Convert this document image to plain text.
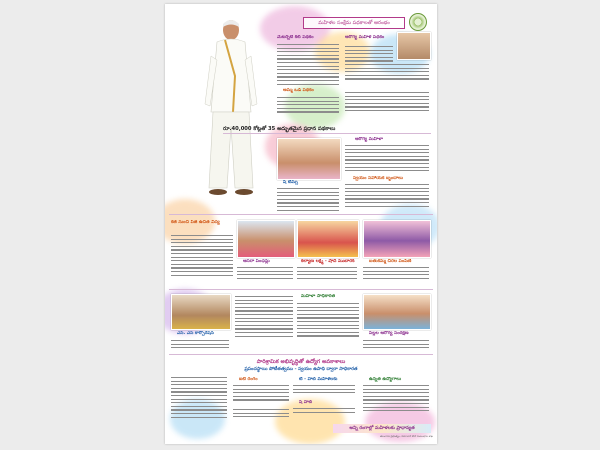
మహిళల సంక్షేమ పథకాలతో ఆరంభం
మెటర్నిటీ కిట్ పథకం	ఆరోగ్య మహిళ పథకం
అమ్మ ఒడి పథకం
రూ.40,000 కోట్లతో 35 అద్భుతమైన ప్రధాన పథకాలు
షీ టీమ్స్
ఆరోగ్య మహిళా
స్వయం సహాయక బృందాలు
కేజీ నుంచి పీజీ ఉచిత విద్య
ఆసరా పింఛన్లు	కల్యాణ లక్ష్మి - షాదీ ముబారక్	బతుకమ్మ చీరల పంపిణీ
ఎస్. ఎస్ కార్పొరేషన్
మహిళా సాధికారత
పిల్లల ఆరోగ్య సంరక్షణ
పారిశ్రామిక అభివృద్ధితో ఉద్యోగ అవకాశాలు
ప్రపంచస్థాయి పోటీతత్వము - స్వయం ఉపాధి ద్వారా సాధికారత
ఐటి రంగం	టి - హబ్ మహిళలకు
షి హబ్
ఉన్నత ఉద్యోగాలు
అన్ని రంగాల్లో మహిళలకు ప్రాధాన్యత
తెలంగాణ ప్రభుత్వం, సమాచార పౌర సంబంధాల శాఖ
